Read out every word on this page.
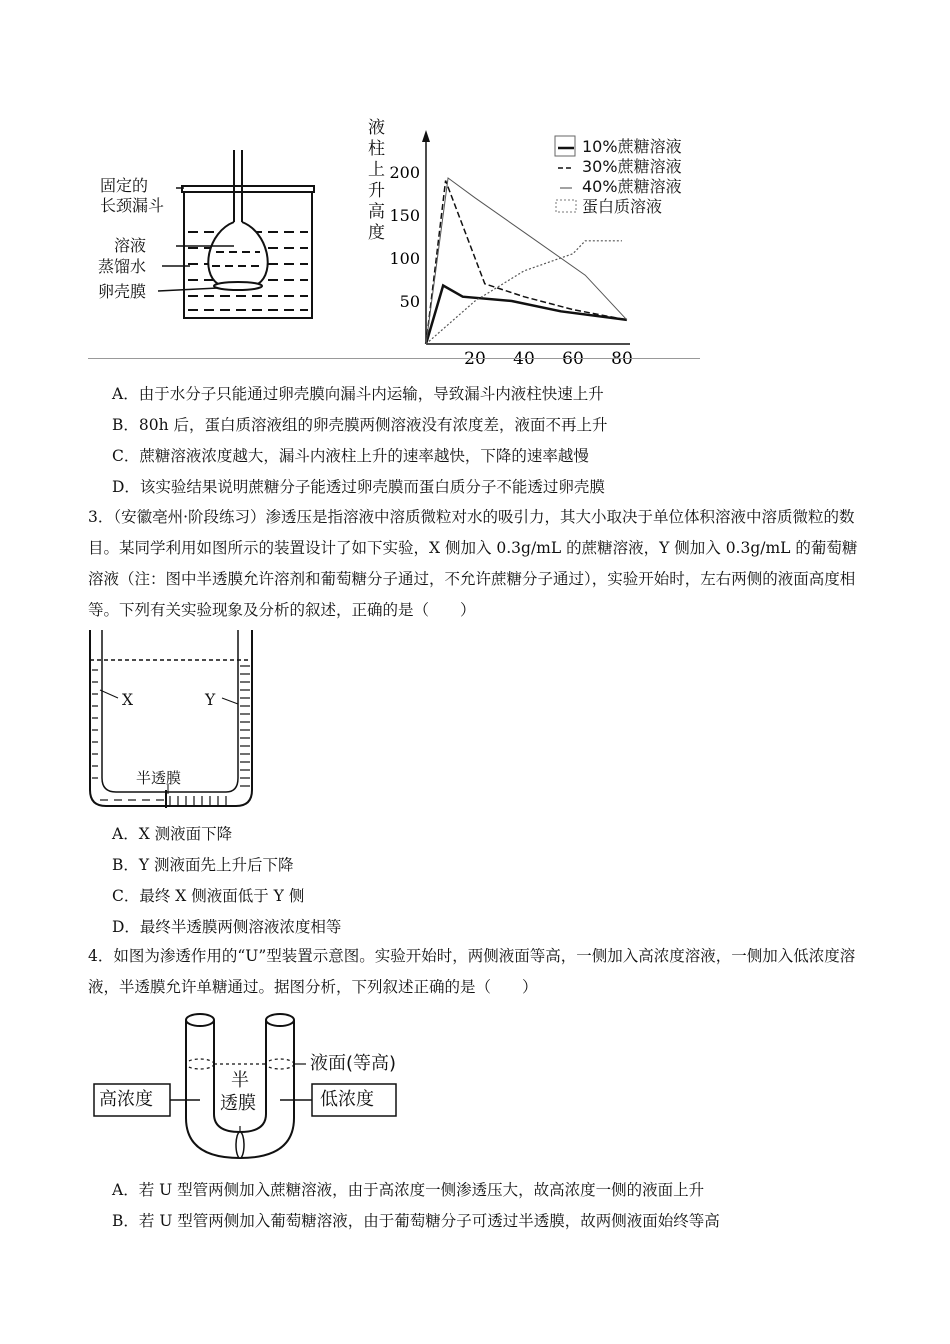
固定的
长颈漏斗
溶液
蒸馏水
卵壳膜
液柱上升高度
200
150
100
50
20 40 60 80
10%蔗糖溶液
30%蔗糖溶液
40%蔗糖溶液
蛋白质溶液
A．由于水分子只能通过卵壳膜向漏斗内运输，导致漏斗内液柱快速上升
B．80h 后，蛋白质溶液组的卵壳膜两侧溶液没有浓度差，液面不再上升
C．蔗糖溶液浓度越大，漏斗内液柱上升的速率越快，下降的速率越慢
D．该实验结果说明蔗糖分子能透过卵壳膜而蛋白质分子不能透过卵壳膜
3．（安徽亳州·阶段练习）渗透压是指溶液中溶质微粒对水的吸引力，其大小取决于单位体积溶液中溶质微粒的数目。某同学利用如图所示的装置设计了如下实验，X 侧加入 0.3g/mL 的蔗糖溶液，Y 侧加入 0.3g/mL 的葡萄糖溶液（注：图中半透膜允许溶剂和葡萄糖分子通过，不允许蔗糖分子通过），实验开始时，左右两侧的液面高度相等。下列有关实验现象及分析的叙述，正确的是（　　）
X	Y
半透膜
A．X 测液面下降
B．Y 测液面先上升后下降
C．最终 X 侧液面低于 Y 侧
D．最终半透膜两侧溶液浓度相等
4．如图为渗透作用的“U”型装置示意图。实验开始时，两侧液面等高，一侧加入高浓度溶液，一侧加入低浓度溶液，半透膜允许单糖通过。据图分析，下列叙述正确的是（　　）
液面(等高)
高浓度	低浓度
半
透膜
A．若 U 型管两侧加入蔗糖溶液，由于高浓度一侧渗透压大，故高浓度一侧的液面上升
B．若 U 型管两侧加入葡萄糖溶液，由于葡萄糖分子可透过半透膜，故两侧液面始终等高
